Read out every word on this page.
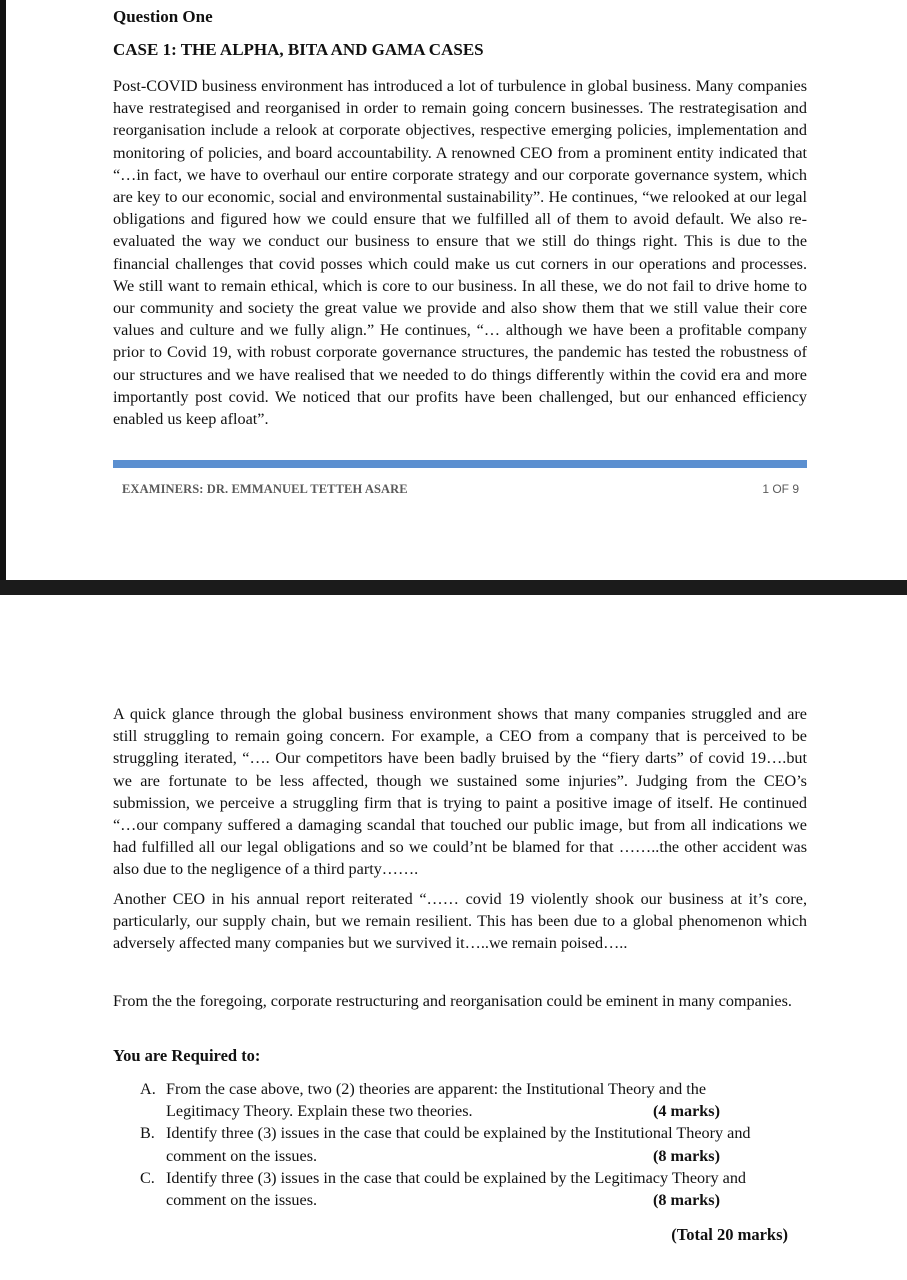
Question One

CASE 1: THE ALPHA, BITA AND GAMA CASES

Post-COVID business environment has introduced a lot of turbulence in global business. Many companies have restrategised and reorganised in order to remain going concern businesses. The restrategisation and reorganisation include a relook at corporate objectives, respective emerging policies, implementation and monitoring of policies, and board accountability. A renowned CEO from a prominent entity indicated that “…in fact, we have to overhaul our entire corporate strategy and our corporate governance system, which are key to our economic, social and environmental sustainability”. He continues, “we relooked at our legal obligations and figured how we could ensure that we fulfilled all of them to avoid default. We also re-evaluated the way we conduct our business to ensure that we still do things right. This is due to the financial challenges that covid posses which could make us cut corners in our operations and processes. We still want to remain ethical, which is core to our business. In all these, we do not fail to drive home to our community and society the great value we provide and also show them that we still value their core values and culture and we fully align.” He continues, “… although we have been a profitable company prior to Covid 19, with robust corporate governance structures, the pandemic has tested the robustness of our structures and we have realised that we needed to do things differently within the covid era and more importantly post covid. We noticed that our profits have been challenged, but our enhanced efficiency enabled us keep afloat”.

EXAMINERS: DR. EMMANUEL TETTEH ASARE	1 OF 9

A quick glance through the global business environment shows that many companies struggled and are still struggling to remain going concern. For example, a CEO from a company that is perceived to be struggling iterated, “…. Our competitors have been badly bruised by the “fiery darts” of covid 19….but we are fortunate to be less affected, though we sustained some injuries”. Judging from the CEO’s submission, we perceive a struggling firm that is trying to paint a positive image of itself. He continued “…our company suffered a damaging scandal that touched our public image, but from all indications we had fulfilled all our legal obligations and so we could’nt be blamed for that ……..the other accident was also due to the negligence of a third party…….

Another CEO in his annual report reiterated “…… covid 19 violently shook our business at it’s core, particularly, our supply chain, but we remain resilient. This has been due to a global phenomenon which adversely affected many companies but we survived it…..we remain poised…..

From the the foregoing, corporate restructuring and reorganisation could be eminent in many companies.

You are Required to:

A. From the case above, two (2) theories are apparent: the Institutional Theory and the
Legitimacy Theory. Explain these two theories.	(4 marks)
B. Identify three (3) issues in the case that could be explained by the Institutional Theory and
comment on the issues.	(8 marks)
C. Identify three (3) issues in the case that could be explained by the Legitimacy Theory and
comment on the issues.	(8 marks)
(Total 20 marks)
